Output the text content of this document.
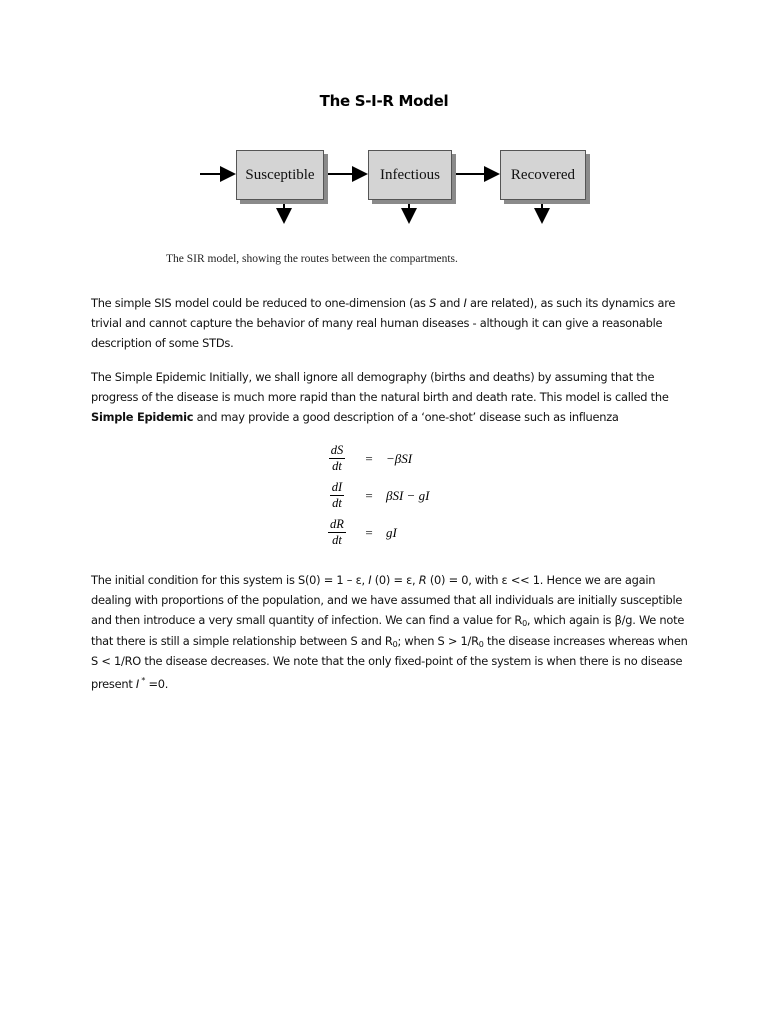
The S-I-R Model
Susceptible	Infectious	Recovered
The SIR model, showing the routes between the compartments.
The simple SIS model could be reduced to one-dimension (as S and I are related), as such its dynamics are trivial and cannot capture the behavior of many real human diseases - although it can give a reasonable description of some STDs.
The Simple Epidemic Initially, we shall ignore all demography (births and deaths) by assuming that the progress of the disease is much more rapid than the natural birth and death rate. This model is called the Simple Epidemic and may provide a good description of a ‘one-shot’ disease such as influenza
$\frac{dS}{dt}$	=	−βSI
$\frac{dI}{dt}$	=	βSI − gI
$\frac{dR}{dt}$	=	gI
The initial condition for this system is S(0) = 1 – ε, I (0) = ε, R (0) = 0, with ε << 1. Hence we are again dealing with proportions of the population, and we have assumed that all individuals are initially susceptible and then introduce a very small quantity of infection. We can find a value for $R_0$, which again is β/g. We note that there is still a simple relationship between S and $R_0$; when $S > 1/R_0$ the disease increases whereas when S < 1/RO the disease decreases. We note that the only fixed-point of the system is when there is no disease present I * =0.
